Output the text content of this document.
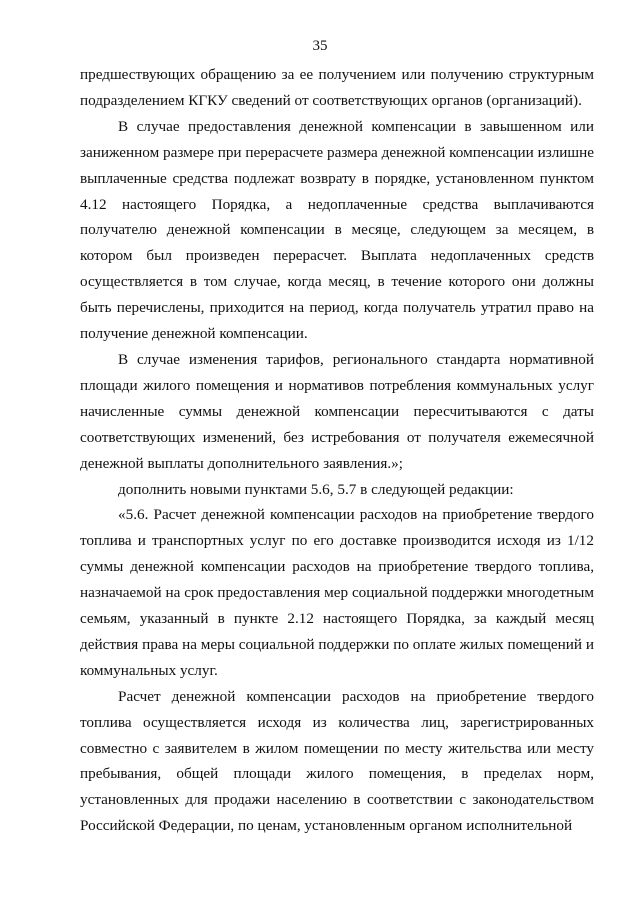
35

предшествующих обращению за ее получением или получению структурным подразделением КГКУ сведений от соответствующих органов (организаций).

В случае предоставления денежной компенсации в завышенном или заниженном размере при перерасчете размера денежной компенсации излишне выплаченные средства подлежат возврату в порядке, установленном пунктом 4.12 настоящего Порядка, а недоплаченные средства выплачиваются получателю денежной компенсации в месяце, следующем за месяцем, в котором был произведен перерасчет. Выплата недоплаченных средств осуществляется в том случае, когда месяц, в течение которого они должны быть перечислены, приходится на период, когда получатель утратил право на получение денежной компенсации.

В случае изменения тарифов, регионального стандарта нормативной площади жилого помещения и нормативов потребления коммунальных услуг начисленные суммы денежной компенсации пересчитываются с даты соответствующих изменений, без истребования от получателя ежемесячной денежной выплаты дополнительного заявления.»;

дополнить новыми пунктами 5.6, 5.7 в следующей редакции:

«5.6. Расчет денежной компенсации расходов на приобретение твердого топлива и транспортных услуг по его доставке производится исходя из 1/12 суммы денежной компенсации расходов на приобретение твердого топлива, назначаемой на срок предоставления мер социальной поддержки многодетным семьям, указанный в пункте 2.12 настоящего Порядка, за каждый месяц действия права на меры социальной поддержки по оплате жилых помещений и коммунальных услуг.

Расчет денежной компенсации расходов на приобретение твердого топлива осуществляется исходя из количества лиц, зарегистрированных совместно с заявителем в жилом помещении по месту жительства или месту пребывания, общей площади жилого помещения, в пределах норм, установленных для продажи населению в соответствии с законодательством Российской Федерации, по ценам, установленным органом исполнительной
